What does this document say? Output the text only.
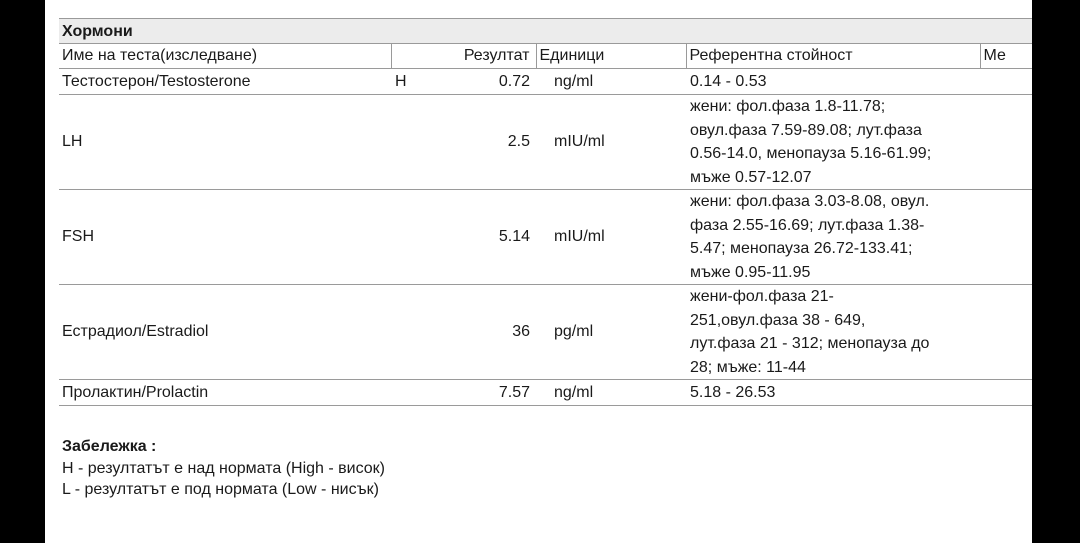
Хормони
Име на теста(изследване)	Резултат	Единици	Референтна стойност	Ме
Тестостерон/Testosterone	H 0.72	ng/ml	0.14 - 0.53	

LH	2.5	mIU/ml	жени: фол.фаза 1.8-11.78;
овул.фаза 7.59-89.08; лут.фаза
0.56-14.0, менопауза 5.16-61.99;
мъже 0.57-12.07	

FSH	5.14	mIU/ml	жени: фол.фаза 3.03-8.08, овул.
фаза 2.55-16.69; лут.фаза 1.38-
5.47; менопауза 26.72-133.41;
мъже 0.95-11.95	

Естрадиол/Estradiol	36	pg/ml	жени-фол.фаза 21-
251,овул.фаза 38 - 649,
лут.фаза 21 - 312; менопауза до
28; мъже: 11-44	

Пролактин/Prolactin	7.57	ng/ml	5.18 - 26.53	

Забележка :
H - резултатът е над нормата (High - висок)
L - резултатът е под нормата (Low - нисък)
